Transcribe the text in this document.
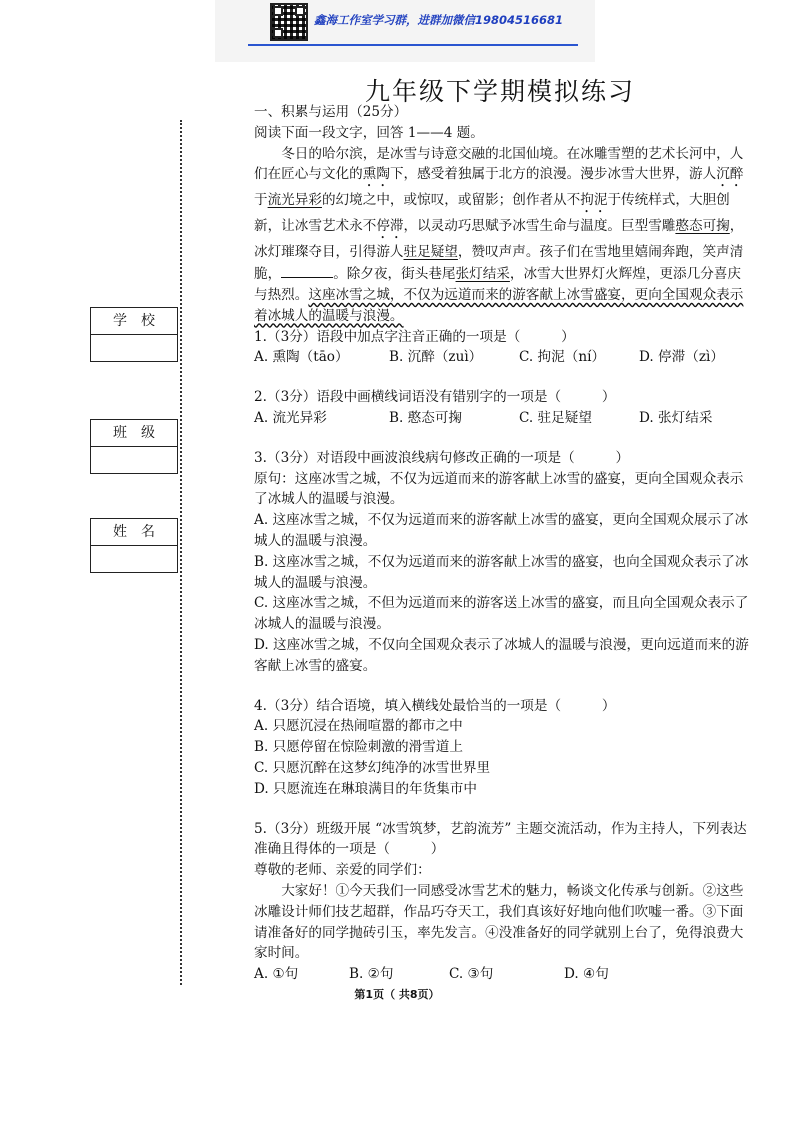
鑫海工作室学习群，进群加微信19804516681
学校
班级
姓名
九年级下学期模拟练习

一、积累与运用（25分）

阅读下面一段文字，回答 1——4 题。

冬日的哈尔滨，是冰雪与诗意交融的北国仙境。在冰雕雪塑的艺术长河中，人们在匠心与文化的熏陶下，感受着独属于北方的浪漫。漫步冰雪大世界，游人沉醉于流光异彩的幻境之中，或惊叹，或留影；创作者从不拘泥于传统样式，大胆创新，让冰雪艺术永不停滞，以灵动巧思赋予冰雪生命与温度。巨型雪雕憨态可掬，冰灯璀璨夺目，引得游人驻足疑望，赞叹声声。孩子们在雪地里嬉闹奔跑，笑声清脆，	。除夕夜，街头巷尾张灯结采，冰雪大世界灯火辉煌，更添几分喜庆与热烈。这座冰雪之城，不仅为远道而来的游客献上冰雪盛宴，更向全国观众表示着冰城人的温暖与浪漫。

1.（3分）语段中加点字注音正确的一项是（　　　）

A. 熏陶（tāo）	B. 沉醉（zuì）	C. 拘泥（ní）	D. 停滞（zì）

2.（3分）语段中画横线词语没有错别字的一项是（　　　）

A. 流光异彩	B. 憨态可掬	C. 驻足疑望	D. 张灯结采

3.（3分）对语段中画波浪线病句修改正确的一项是（　　　）

原句：这座冰雪之城，不仅为远道而来的游客献上冰雪的盛宴，更向全国观众表示了冰城人的温暖与浪漫。

A. 这座冰雪之城，不仅为远道而来的游客献上冰雪的盛宴，更向全国观众展示了冰城人的温暖与浪漫。

B. 这座冰雪之城，不仅为远道而来的游客献上冰雪的盛宴，也向全国观众表示了冰城人的温暖与浪漫。

C. 这座冰雪之城，不但为远道而来的游客送上冰雪的盛宴，而且向全国观众表示了冰城人的温暖与浪漫。

D. 这座冰雪之城，不仅向全国观众表示了冰城人的温暖与浪漫，更向远道而来的游客献上冰雪的盛宴。

4.（3分）结合语境，填入横线处最恰当的一项是（　　　）

A. 只愿沉浸在热闹喧嚣的都市之中

B. 只愿停留在惊险刺激的滑雪道上

C. 只愿沉醉在这梦幻纯净的冰雪世界里

D. 只愿流连在琳琅满目的年货集市中

5.（3分）班级开展 “冰雪筑梦，艺韵流芳” 主题交流活动，作为主持人，下列表达准确且得体的一项是（　　　）

尊敬的老师、亲爱的同学们：

大家好！①今天我们一同感受冰雪艺术的魅力，畅谈文化传承与创新。②这些冰雕设计师们技艺超群，作品巧夺天工，我们真该好好地向他们吹嘘一番。③下面请准备好的同学抛砖引玉，率先发言。④没准备好的同学就别上台了，免得浪费大家时间。

A. ①句	B. ②句	C. ③句	D. ④句
第1页（ 共8页）
